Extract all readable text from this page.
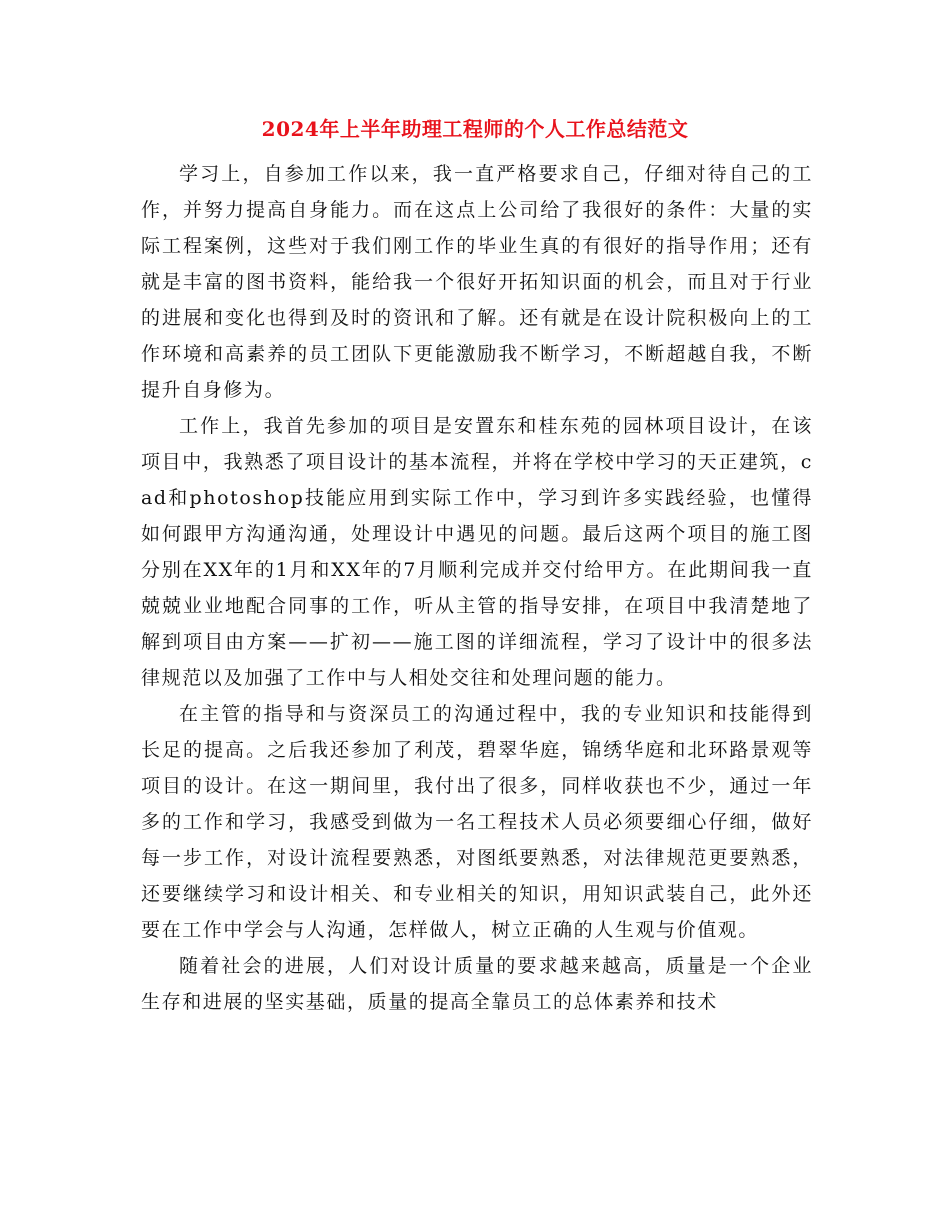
2024年上半年助理工程师的个人工作总结范文

学习上，自参加工作以来，我一直严格要求自己，仔细对待自己的工作，并努力提高自身能力。而在这点上公司给了我很好的条件：大量的实际工程案例，这些对于我们刚工作的毕业生真的有很好的指导作用；还有就是丰富的图书资料，能给我一个很好开拓知识面的机会，而且对于行业的进展和变化也得到及时的资讯和了解。还有就是在设计院积极向上的工作环境和高素养的员工团队下更能激励我不断学习，不断超越自我，不断提升自身修为。

工作上，我首先参加的项目是安置东和桂东苑的园林项目设计，在该项目中，我熟悉了项目设计的基本流程，并将在学校中学习的天正建筑，cad和photoshop技能应用到实际工作中，学习到许多实践经验，也懂得如何跟甲方沟通沟通，处理设计中遇见的问题。最后这两个项目的施工图分别在XX年的1月和XX年的7月顺利完成并交付给甲方。在此期间我一直兢兢业业地配合同事的工作，听从主管的指导安排，在项目中我清楚地了解到项目由方案——扩初——施工图的详细流程，学习了设计中的很多法律规范以及加强了工作中与人相处交往和处理问题的能力。

在主管的指导和与资深员工的沟通过程中，我的专业知识和技能得到长足的提高。之后我还参加了利茂，碧翠华庭，锦绣华庭和北环路景观等项目的设计。在这一期间里，我付出了很多，同样收获也不少，通过一年多的工作和学习，我感受到做为一名工程技术人员必须要细心仔细，做好每一步工作，对设计流程要熟悉，对图纸要熟悉，对法律规范更要熟悉，还要继续学习和设计相关、和专业相关的知识，用知识武装自己，此外还要在工作中学会与人沟通，怎样做人，树立正确的人生观与价值观。

随着社会的进展，人们对设计质量的要求越来越高，质量是一个企业生存和进展的坚实基础，质量的提高全靠员工的总体素养和技术
